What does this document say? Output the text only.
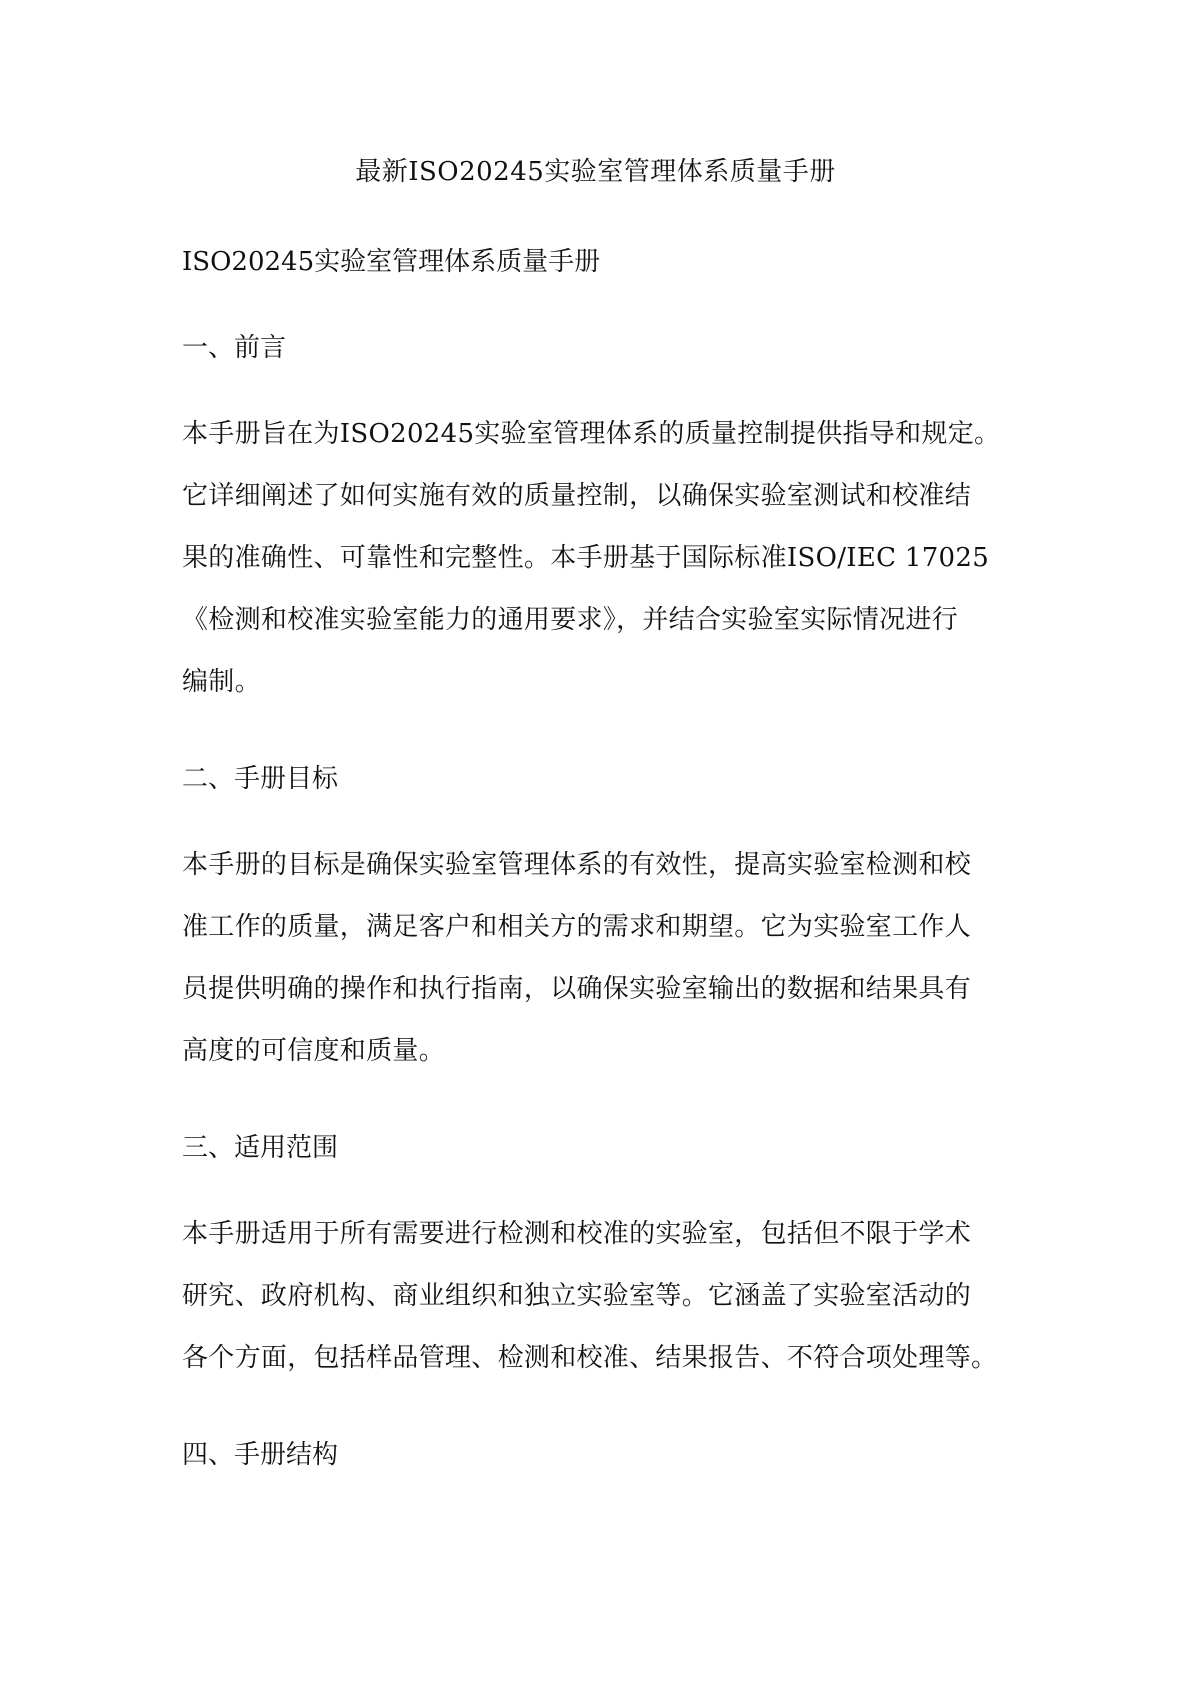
最新ISO20245实验室管理体系质量手册
ISO20245实验室管理体系质量手册
一、前言
本手册旨在为ISO20245实验室管理体系的质量控制提供指导和规定。
它详细阐述了如何实施有效的质量控制，以确保实验室测试和校准结
果的准确性、可靠性和完整性。本手册基于国际标准ISO/IEC 17025
《检测和校准实验室能力的通用要求》，并结合实验室实际情况进行
编制。
二、手册目标
本手册的目标是确保实验室管理体系的有效性，提高实验室检测和校
准工作的质量，满足客户和相关方的需求和期望。它为实验室工作人
员提供明确的操作和执行指南，以确保实验室输出的数据和结果具有
高度的可信度和质量。
三、适用范围
本手册适用于所有需要进行检测和校准的实验室，包括但不限于学术
研究、政府机构、商业组织和独立实验室等。它涵盖了实验室活动的
各个方面，包括样品管理、检测和校准、结果报告、不符合项处理等。
四、手册结构
